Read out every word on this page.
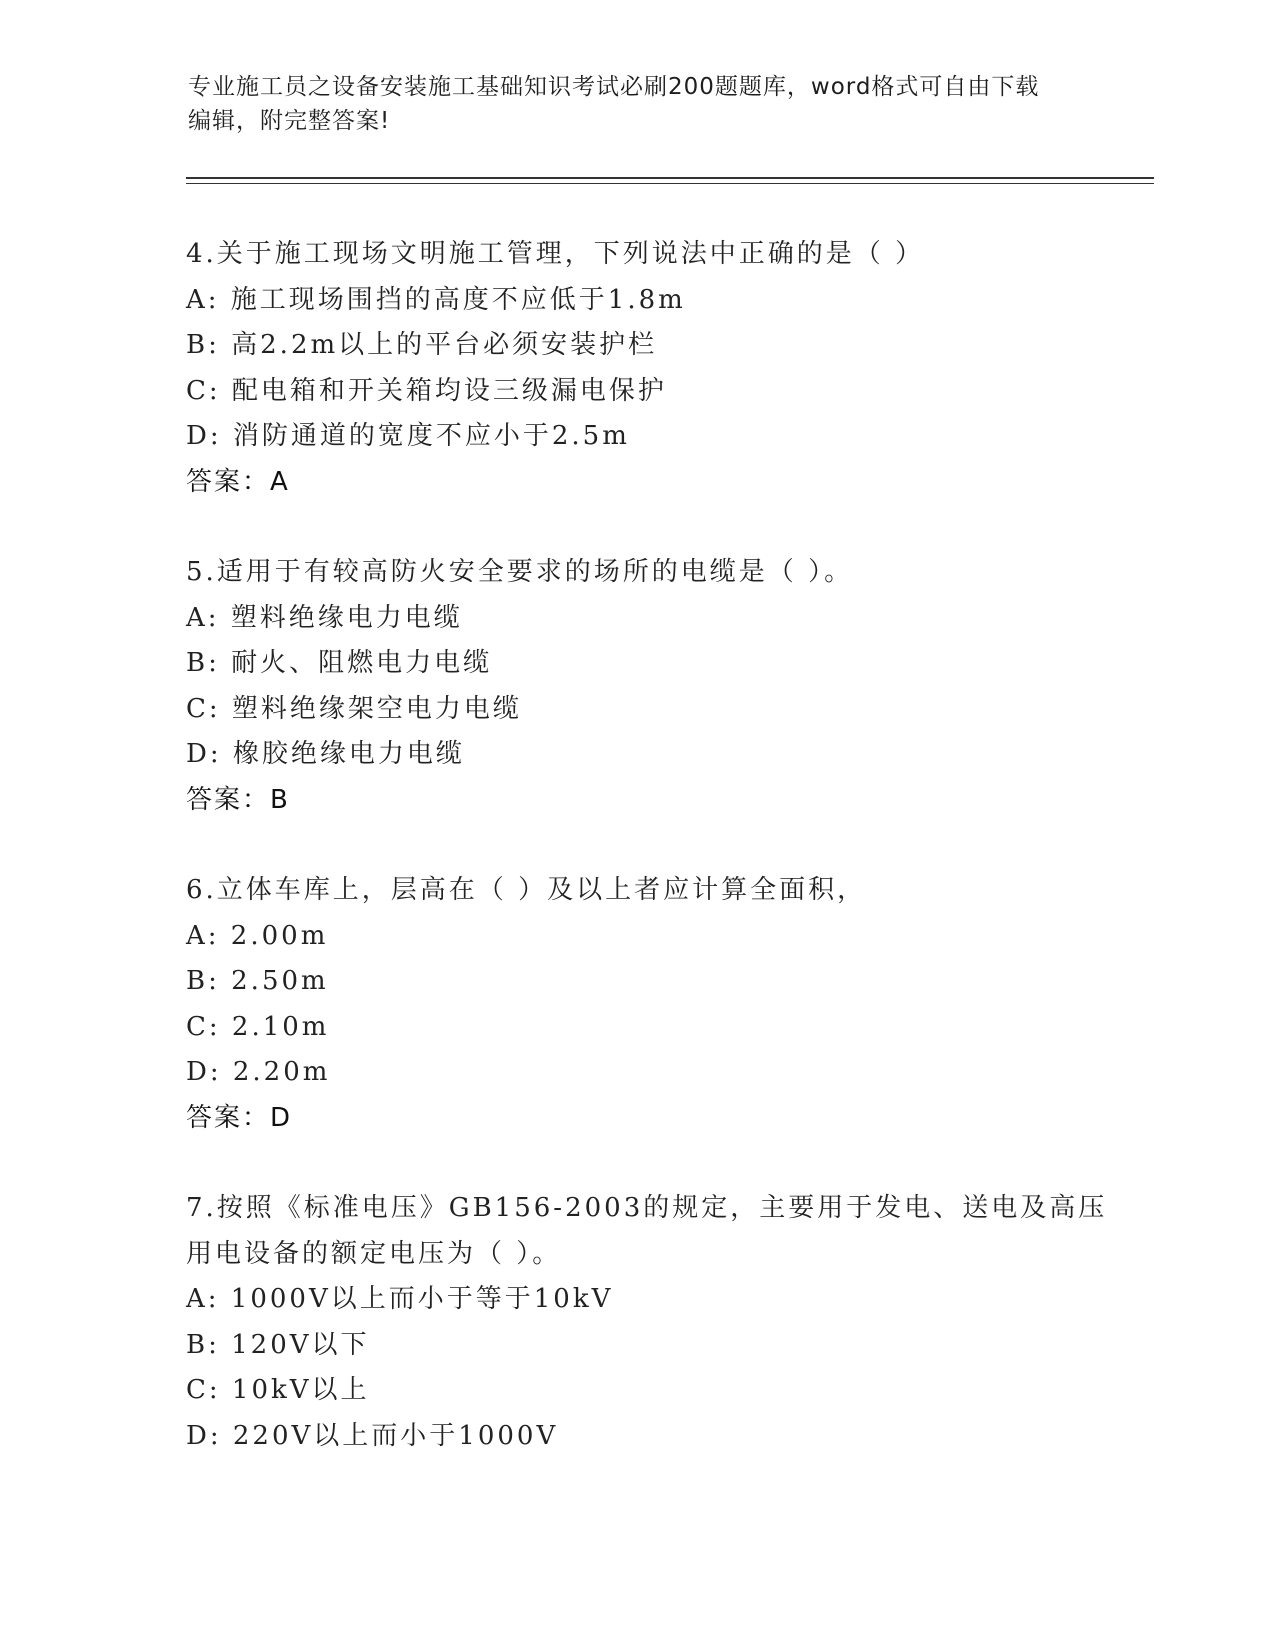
专业施工员之设备安装施工基础知识考试必刷200题题库，word格式可自由下载
编辑，附完整答案!
4.关于施工现场文明施工管理，下列说法中正确的是（ ）
A: 施工现场围挡的高度不应低于1.8m
B: 高2.2m以上的平台必须安装护栏
C: 配电箱和开关箱均设三级漏电保护
D: 消防通道的宽度不应小于2.5m
答案：A
5.适用于有较高防火安全要求的场所的电缆是（ ）。
A: 塑料绝缘电力电缆
B: 耐火、阻燃电力电缆
C: 塑料绝缘架空电力电缆
D: 橡胶绝缘电力电缆
答案：B
6.立体车库上，层高在（ ）及以上者应计算全面积，
A: 2.00m
B: 2.50m
C: 2.10m
D: 2.20m
答案：D
7.按照《标准电压》GB156-2003的规定，主要用于发电、送电及高压
用电设备的额定电压为（ ）。
A: 1000V以上而小于等于10kV
B: 120V以下
C: 10kV以上
D: 220V以上而小于1000V
